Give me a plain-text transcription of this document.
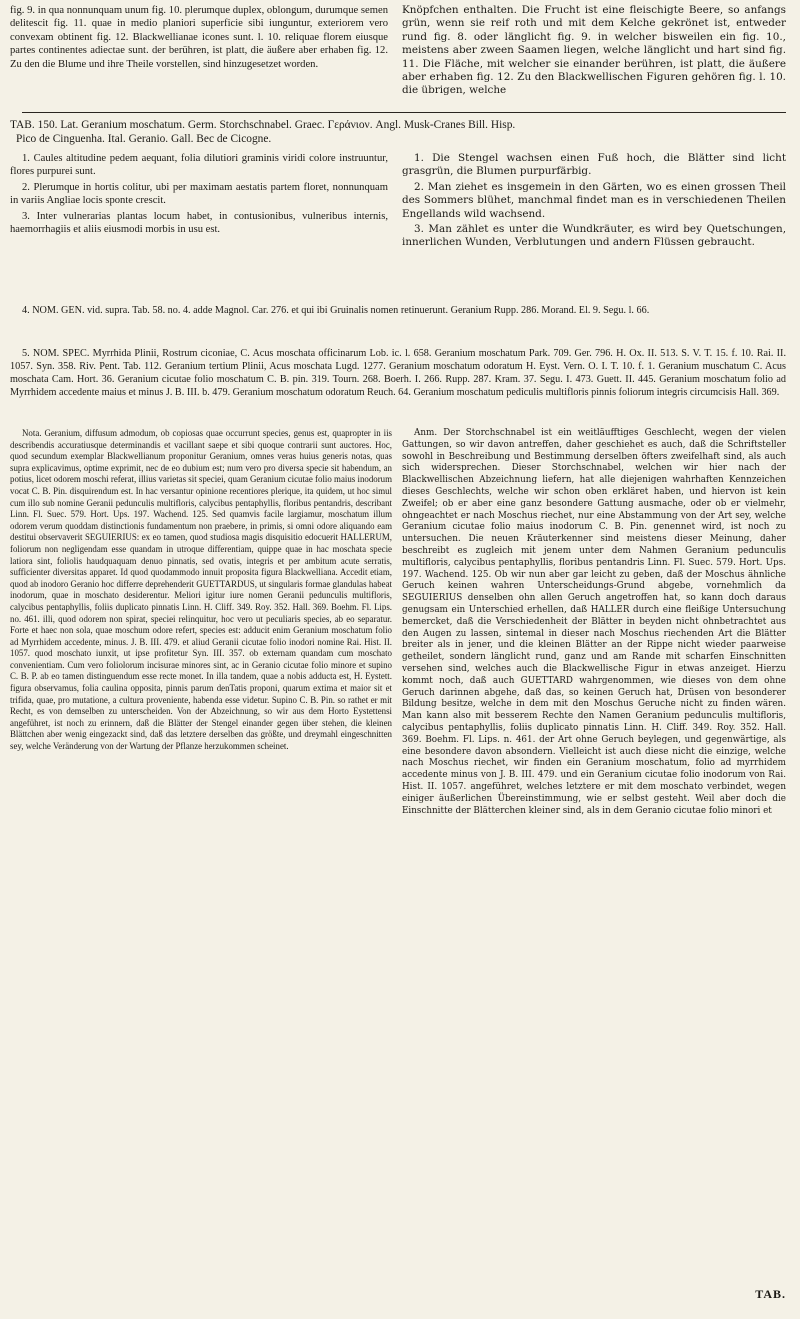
fig. 9. in qua nonnunquam unum fig. 10. plerumque duplex, oblongum, durumque semen delitescit fig. 11. quae in medio planiori superficie sibi iunguntur, exteriorem vero convexam obtinent fig. 12. Blackwellianae icones sunt. l. 10. reliquae florem eiusque partes continentes adiectae sunt. der berühren, ist platt, die äußere aber erhaben fig. 12. Zu den die Blume und ihre Theile vorstellen, sind hinzugesetzet worden.
Knöpfchen enthalten. Die Frucht ist eine fleischigte Beere, so anfangs grün, wenn sie reif roth und mit dem Kelche gekrönet ist, entweder rund fig. 8. oder länglicht fig. 9. in welcher bisweilen ein fig. 10., meistens aber zween Saamen liegen, welche länglicht und hart sind fig. 11. Die Fläche, mit welcher sie einander berühren, ist platt, die äußere aber erhaben fig. 12. Zu den Blackwellischen Figuren gehören fig. l. 10. die übrigen, welche
TAB. 150. Lat. Geranium moschatum. Germ. Storchschnabel. Graec. Γεράνιον. Angl. Musk-Cranes Bill. Hisp.
Pico de Cinguenha. Ital. Geranio. Gall. Bec de Cicogne.

1. Caules altitudine pedem aequant, folia dilutiori graminis viridi colore instruuntur, flores purpurei sunt.

2. Plerumque in hortis colitur, ubi per maximam aestatis partem floret, nonnunquam in variis Angliae locis sponte crescit.

3. Inter vulnerarias plantas locum habet, in contusionibus, vulneribus internis, haemorrhagiis et aliis eiusmodi morbis in usu est.

1. Die Stengel wachsen einen Fuß hoch, die Blätter sind licht grasgrün, die Blumen purpurfärbig.

2. Man ziehet es insgemein in den Gärten, wo es einen grossen Theil des Sommers blühet, manchmal findet man es in verschiedenen Theilen Engellands wild wachsend.

3. Man zählet es unter die Wundkräuter, es wird bey Quetschungen, innerlichen Wunden, Verblutungen und andern Flüssen gebraucht.

4. NOM. GEN. vid. supra. Tab. 58. no. 4. adde Magnol. Car. 276. et qui ibi Gruinalis nomen retinuerunt. Geranium Rupp. 286. Morand. El. 9. Segu. l. 66.

5. NOM. SPEC. Myrrhida Plinii, Rostrum ciconiae, C. Acus moschata officinarum Lob. ic. l. 658. Geranium moschatum Park. 709. Ger. 796. H. Ox. II. 513. S. V. T. 15. f. 10. Rai. II. 1057. Syn. 358. Riv. Pent. Tab. 112. Geranium tertium Plinii, Acus moschata Lugd. 1277. Geranium moschatum odoratum H. Eyst. Vern. O. I. T. 10. f. 1. Geranium muschatum C. Acus moschata Cam. Hort. 36. Geranium cicutae folio moschatum C. B. pin. 319. Tourn. 268. Boerh. I. 266. Rupp. 287. Kram. 37. Segu. I. 473. Guett. II. 445. Geranium moschatum folio ad Myrrhidem accedente maius et minus J. B. III. b. 479. Geranium moschatum odoratum Reuch. 64. Geranium moschatum pediculis multifloris pinnis foliorum integris circumcisis Hall. 369.

Nota. Geranium, diffusum admodum, ob copiosas quae occurrunt species, genus est, quapropter in iis describendis accuratiusque determinandis et vacillant saepe et sibi quoque contrarii sunt auctores. Hoc, quod secundum exemplar Blackwellianum proponitur Geranium, omnes veras huius generis notas, quas supra explicavimus, optime exprimit, nec de eo dubium est; num vero pro diversa specie sit habendum, an potius, licet odorem moschi referat, illius varietas sit speciei, quam Geranium cicutae folio maius inodorum vocat C. B. Pin. disquirendum est. In hac versantur opinione recentiores plerique, ita quidem, ut hoc simul cum illo sub nomine Geranii pedunculis multifloris, calycibus pentaphyllis, floribus pentandris, describant Linn. Fl. Suec. 579. Hort. Ups. 197. Wachend. 125. Sed quamvis facile largiamur, moschatum illum odorem verum quoddam distinctionis fundamentum non praebere, in primis, si omni odore aliquando eam destitui observaverit SEGUIERIUS: ex eo tamen, quod studiosa magis disquisitio edocuerit HALLERUM, foliorum non negligendam esse quandam in utroque differentiam, quippe quae in hac moschata specie latiora sint, foliolis haudquaquam denuo pinnatis, sed ovatis, integris et per ambitum acute serratis, sufficienter diversitas apparet. Id quod quodammodo innuit proposita figura Blackwelliana. Accedit etiam, quod ab inodoro Geranio hoc differre deprehenderit GUETTARDUS, ut singularis formae glandulas habeat inodorum, quae in moschato desiderentur. Meliori igitur iure nomen Geranii pedunculis multifloris, calycibus pentaphyllis, foliis duplicato pinnatis Linn. H. Cliff. 349. Roy. 352. Hall. 369. Boehm. Fl. Lips. no. 461. illi, quod odorem non spirat, speciei relinquitur, hoc vero ut peculiaris species, ab eo separatur. Forte et haec non sola, quae moschum odore refert, species est: adducit enim Geranium moschatum folio ad Myrrhidem accedente, minus. J. B. III. 479. et aliud Geranii cicutae folio inodori nomine Rai. Hist. II. 1057. quod moschato iunxit, ut ipse profitetur Syn. III. 357. ob externam quandam cum moschato convenientiam. Cum vero foliolorum incisurae minores sint, ac in Geranio cicutae folio minore et supino C. B. P. ab eo tamen distinguendum esse recte monet. In illa tandem, quae a nobis adducta est, H. Eystett. figura observamus, folia caulina opposita, pinnis parum denTatis proponi, quarum extima et maior sit et trifida, quae, pro mutatione, a cultura proveniente, habenda esse videtur. Supino C. B. Pin. so rathet er mit Recht, es von demselben zu unterscheiden. Von der Abzeichnung, so wir aus dem Horto Eystettensi angeführet, ist noch zu erinnern, daß die Blätter der Stengel einander gegen über stehen, die kleinen Blättchen aber wenig eingezackt sind, daß das letztere derselben das größte, und dreymahl eingeschnitten sey, welche Veränderung von der Wartung der Pflanze herzukommen scheinet.

Anm. Der Storchschnabel ist ein weitläufftiges Geschlecht, wegen der vielen Gattungen, so wir davon antreffen, daher geschiehet es auch, daß die Schriftsteller sowohl in Beschreibung und Bestimmung derselben öfters zweifelhaft sind, als auch sich widersprechen. Dieser Storchschnabel, welchen wir hier nach der Blackwellischen Abzeichnung liefern, hat alle diejenigen wahrhaften Kennzeichen dieses Geschlechts, welche wir schon oben erkläret haben, und hiervon ist kein Zweifel; ob er aber eine ganz besondere Gattung ausmache, oder ob er vielmehr, ohngeachtet er nach Moschus riechet, nur eine Abstammung von der Art sey, welche Geranium cicutae folio maius inodorum C. B. Pin. genennet wird, ist noch zu untersuchen. Die neuen Kräuterkenner sind meistens dieser Meinung, daher beschreibt es zugleich mit jenem unter dem Nahmen Geranium pedunculis multifloris, calycibus pentaphyllis, floribus pentandris Linn. Fl. Suec. 579. Hort. Ups. 197. Wachend. 125. Ob wir nun aber gar leicht zu geben, daß der Moschus ähnliche Geruch keinen wahren Unterscheidungs-Grund abgebe, vornehmlich da SEGUIERIUS denselben ohn allen Geruch angetroffen hat, so kann doch daraus genugsam ein Unterschied erhellen, daß HALLER durch eine fleißige Untersuchung bemercket, daß die Verschiedenheit der Blätter in beyden nicht ohnbetrachtet aus den Augen zu lassen, sintemal in dieser nach Moschus riechenden Art die Blätter breiter als in jener, und die kleinen Blätter an der Rippe nicht wieder paarweise getheilet, sondern länglicht rund, ganz und am Rande mit scharfen Einschnitten versehen sind, welches auch die Blackwellische Figur in etwas anzeiget. Hierzu kommt noch, daß auch GUETTARD wahrgenommen, wie dieses von dem ohne Geruch darinnen abgehe, daß das, so keinen Geruch hat, Drüsen von besonderer Bildung besitze, welche in dem mit den Moschus Geruche nicht zu finden wären. Man kann also mit besserem Rechte den Namen Geranium pedunculis multifloris, calycibus pentaphyllis, foliis duplicato pinnatis Linn. H. Cliff. 349. Roy. 352. Hall. 369. Boehm. Fl. Lips. n. 461. der Art ohne Geruch beylegen, und gegenwärtige, als eine besondere davon absondern. Vielleicht ist auch diese nicht die einzige, welche nach Moschus riechet, wir finden ein Geranium moschatum, folio ad myrrhidem accedente minus von J. B. III. 479. und ein Geranium cicutae folio inodorum von Rai. Hist. II. 1057. angeführet, welches letztere er mit dem moschato verbindet, wegen einiger äußerlichen Übereinstimmung, wie er selbst gesteht. Weil aber doch die Einschnitte der Blätterchen kleiner sind, als in dem Geranio cicutae folio minori et

TAB.
